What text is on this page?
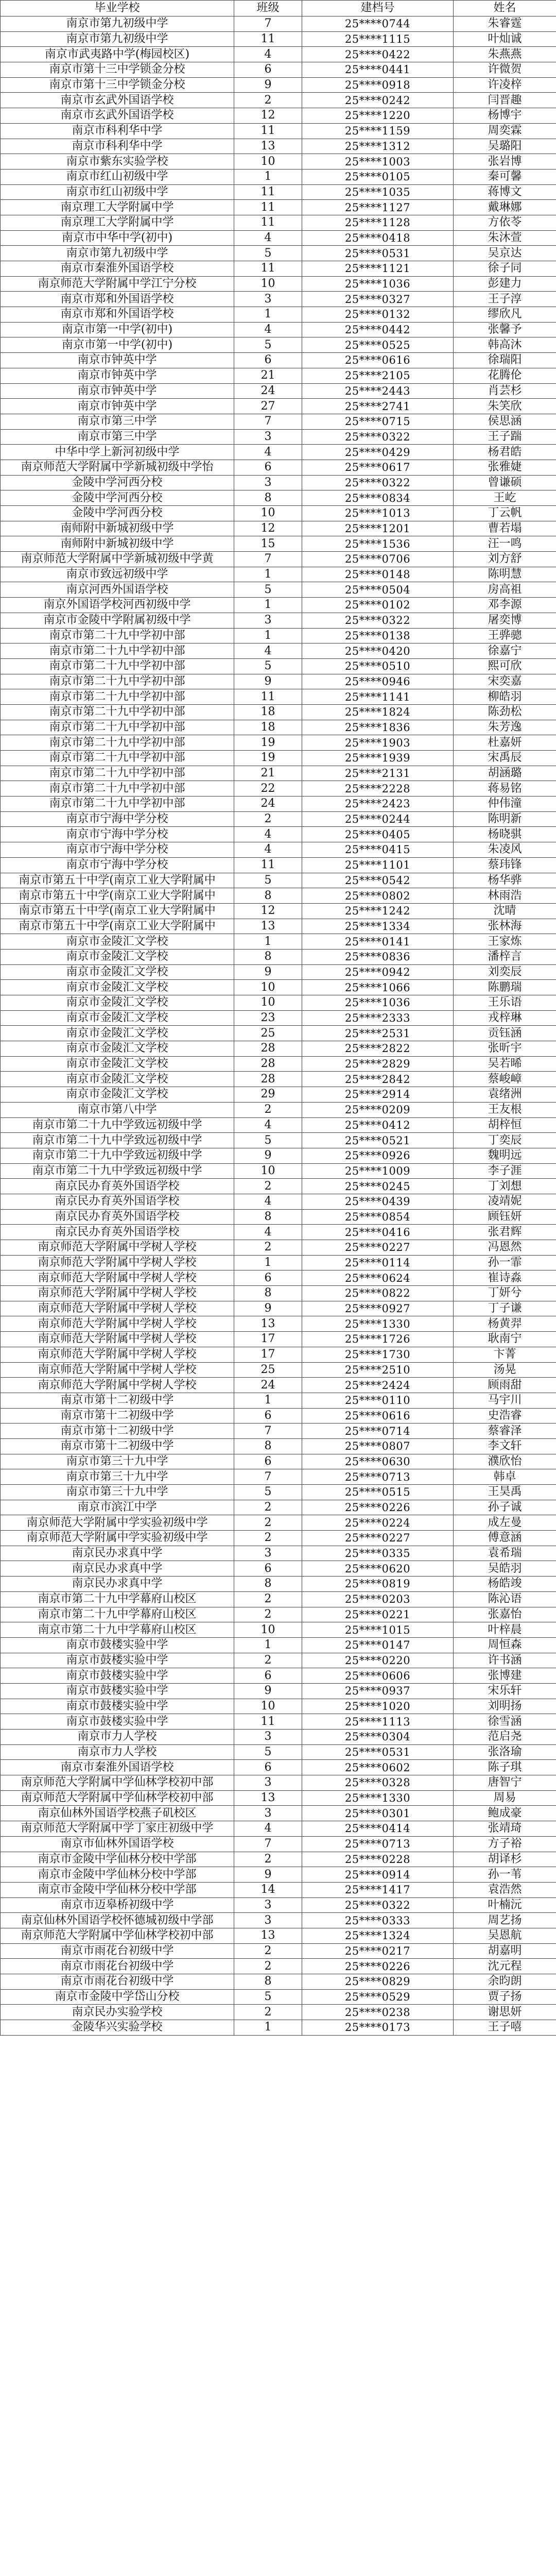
毕业学校	班级	建档号	姓名
南京市第九初级中学	7	25****0744	朱睿霆
南京市第九初级中学	11	25****1115	叶灿诚
南京市武夷路中学(梅园校区)	4	25****0422	朱燕燕
南京市第十三中学锁金分校	6	25****0441	许微贺
南京市第十三中学锁金分校	9	25****0918	许凌梓
南京市玄武外国语学校	2	25****0242	闫晋趣
南京市玄武外国语学校	12	25****1220	杨博宇
南京市科利华中学	11	25****1159	周奕霖
南京市科利华中学	13	25****1312	吴璐阳
南京市紫东实验学校	10	25****1003	张岩博
南京市红山初级中学	1	25****0105	秦可馨
南京市红山初级中学	11	25****1035	蒋博文
南京理工大学附属中学	11	25****1127	戴琳娜
南京理工大学附属中学	11	25****1128	方依苓
南京市中华中学(初中)	4	25****0418	朱沐萱
南京市第九初级中学	5	25****0531	吴京达
南京市秦淮外国语学校	11	25****1121	徐子同
南京师范大学附属中学江宁分校	10	25****1036	彭建力
南京市郑和外国语学校	3	25****0327	王子淳
南京市郑和外国语学校	1	25****0132	缪欣凡
南京市第一中学(初中)	4	25****0442	张馨予
南京市第一中学(初中)	5	25****0525	韩高沐
南京市钟英中学	6	25****0616	徐瑞阳
南京市钟英中学	21	25****2105	花腾伦
南京市钟英中学	24	25****2443	肖芸杉
南京市钟英中学	27	25****2741	朱笑欣
南京市第三中学	7	25****0715	侯思涵
南京市第三中学	3	25****0322	王子踹
中华中学上新河初级中学	4	25****0429	杨君皓
南京师范大学附属中学新城初级中学怡	6	25****0617	张雅婕
金陵中学河西分校	3	25****0322	曾谦硕
金陵中学河西分校	8	25****0834	王屹
金陵中学河西分校	10	25****1013	丁云帆
南师附中新城初级中学	12	25****1201	曹若塌
南师附中新城初级中学	15	25****1536	汪一鸣
南京师范大学附属中学新城初级中学黄	7	25****0706	刘方舒
南京市致远初级中学	1	25****0148	陈明慧
南京河西外国语学校	5	25****0504	房高祖
南京外国语学校河西初级中学	1	25****0102	邓李源
南京市金陵中学附属初级中学	3	25****0322	屠奕博
南京市第二十九中学初中部	1	25****0138	王骅骢
南京市第二十九中学初中部	4	25****0420	徐嘉宁
南京市第二十九中学初中部	5	25****0510	熙可欣
南京市第二十九中学初中部	9	25****0946	宋奕嘉
南京市第二十九中学初中部	11	25****1141	柳皓羽
南京市第二十九中学初中部	18	25****1824	陈劲松
南京市第二十九中学初中部	18	25****1836	朱芳逸
南京市第二十九中学初中部	19	25****1903	杜嘉妍
南京市第二十九中学初中部	19	25****1939	宋禹辰
南京市第二十九中学初中部	21	25****2131	胡涵璐
南京市第二十九中学初中部	22	25****2228	蒋易铭
南京市第二十九中学初中部	24	25****2423	仲伟潼
南京市宁海中学分校	2	25****0244	陈明新
南京市宁海中学分校	4	25****0405	杨晓骐
南京市宁海中学分校	4	25****0415	朱凌风
南京市宁海中学分校	11	25****1101	蔡玮锋
南京市第五十中学(南京工业大学附属中	5	25****0542	杨华骅
南京市第五十中学(南京工业大学附属中	8	25****0802	林雨浩
南京市第五十中学(南京工业大学附属中	12	25****1242	沈晴
南京市第五十中学(南京工业大学附属中	13	25****1334	张林海
南京市金陵汇文学校	1	25****0141	王家炼
南京市金陵汇文学校	8	25****0836	潘梓言
南京市金陵汇文学校	9	25****0942	刘奕辰
南京市金陵汇文学校	10	25****1066	陈鹏瑞
南京市金陵汇文学校	10	25****1036	王乐语
南京市金陵汇文学校	23	25****2333	戎梓琳
南京市金陵汇文学校	25	25****2531	贡钰涵
南京市金陵汇文学校	28	25****2822	张昕宇
南京市金陵汇文学校	28	25****2829	吴若晞
南京市金陵汇文学校	28	25****2842	蔡峻嶂
南京市金陵汇文学校	29	25****2914	袁绪洲
南京市第八中学	2	25****0209	王友根
南京市第二十九中学致远初级中学	4	25****0412	胡梓恒
南京市第二十九中学致远初级中学	5	25****0521	丁奕辰
南京市第二十九中学致远初级中学	9	25****0926	魏明远
南京市第二十九中学致远初级中学	10	25****1009	李子涯
南京民办育英外国语学校	2	25****0245	丁刘想
南京民办育英外国语学校	4	25****0439	凌靖妮
南京民办育英外国语学校	8	25****0854	顾钰妍
南京民办育英外国语学校	4	25****0416	张君辉
南京师范大学附属中学树人学校	2	25****0227	冯恩然
南京师范大学附属中学树人学校	1	25****0114	孙一霏
南京师范大学附属中学树人学校	6	25****0624	崔诗淼
南京师范大学附属中学树人学校	8	25****0822	丁妍兮
南京师范大学附属中学树人学校	9	25****0927	丁子谦
南京师范大学附属中学树人学校	13	25****1330	杨黄羿
南京师范大学附属中学树人学校	17	25****1726	耿南宁
南京师范大学附属中学树人学校	17	25****1730	卞菁
南京师范大学附属中学树人学校	25	25****2510	汤晃
南京师范大学附属中学树人学校	24	25****2424	顾雨甜
南京市第十二初级中学	1	25****0110	马宇川
南京市第十二初级中学	6	25****0616	史浩睿
南京市第十二初级中学	7	25****0714	蔡睿泽
南京市第十二初级中学	8	25****0807	李文轩
南京市第三十九中学	6	25****0630	濮欣怡
南京市第三十九中学	7	25****0713	韩卓
南京市第三十九中学	5	25****0515	王昊禹
南京市滨江中学	2	25****0226	孙子诚
南京师范大学附属中学实验初级中学	2	25****0224	成左曼
南京师范大学附属中学实验初级中学	2	25****0227	傅意涵
南京民办求真中学	3	25****0335	袁希瑞
南京民办求真中学	6	25****0620	吴皓羽
南京民办求真中学	8	25****0819	杨皓竣
南京市第二十九中学幕府山校区	2	25****0203	陈沁语
南京市第二十九中学幕府山校区	2	25****0221	张嘉怡
南京市第二十九中学幕府山校区	10	25****1015	叶梓晨
南京市鼓楼实验中学	1	25****0147	周恒森
南京市鼓楼实验中学	2	25****0220	许书涵
南京市鼓楼实验中学	6	25****0606	张博建
南京市鼓楼实验中学	9	25****0937	宋乐轩
南京市鼓楼实验中学	10	25****1020	刘明扬
南京市鼓楼实验中学	11	25****1113	徐雪涵
南京市力人学校	3	25****0304	范启尧
南京市力人学校	5	25****0531	张洛瑜
南京市秦淮外国语学校	6	25****0602	陈子琪
南京师范大学附属中学仙林学校初中部	3	25****0328	唐智宁
南京师范大学附属中学仙林学校初中部	13	25****1330	周易
南京仙林外国语学校燕子矶校区	3	25****0301	鲍成豪
南京师范大学附属中学丁家庄初级中学	4	25****0414	张靖琦
南京市仙林外国语学校	7	25****0713	方子裕
南京市金陵中学仙林分校中学部	2	25****0228	胡译杉
南京市金陵中学仙林分校中学部	9	25****0914	孙一苇
南京市金陵中学仙林分校中学部	14	25****1417	袁浩然
南京市迈皋桥初级中学	3	25****0322	叶楠沅
南京仙林外国语学校怀德城初级中学部	3	25****0333	周艺扬
南京师范大学附属中学仙林学校初中部	13	25****1324	吴恩航
南京市雨花台初级中学	2	25****0217	胡嘉明
南京市雨花台初级中学	2	25****0226	沈元程
南京市雨花台初级中学	8	25****0829	余昀朗
南京市金陵中学岱山分校	5	25****0529	贾子扬
南京民办实验学校	2	25****0238	谢思妍
金陵华兴实验学校	1	25****0173	王子嘻
